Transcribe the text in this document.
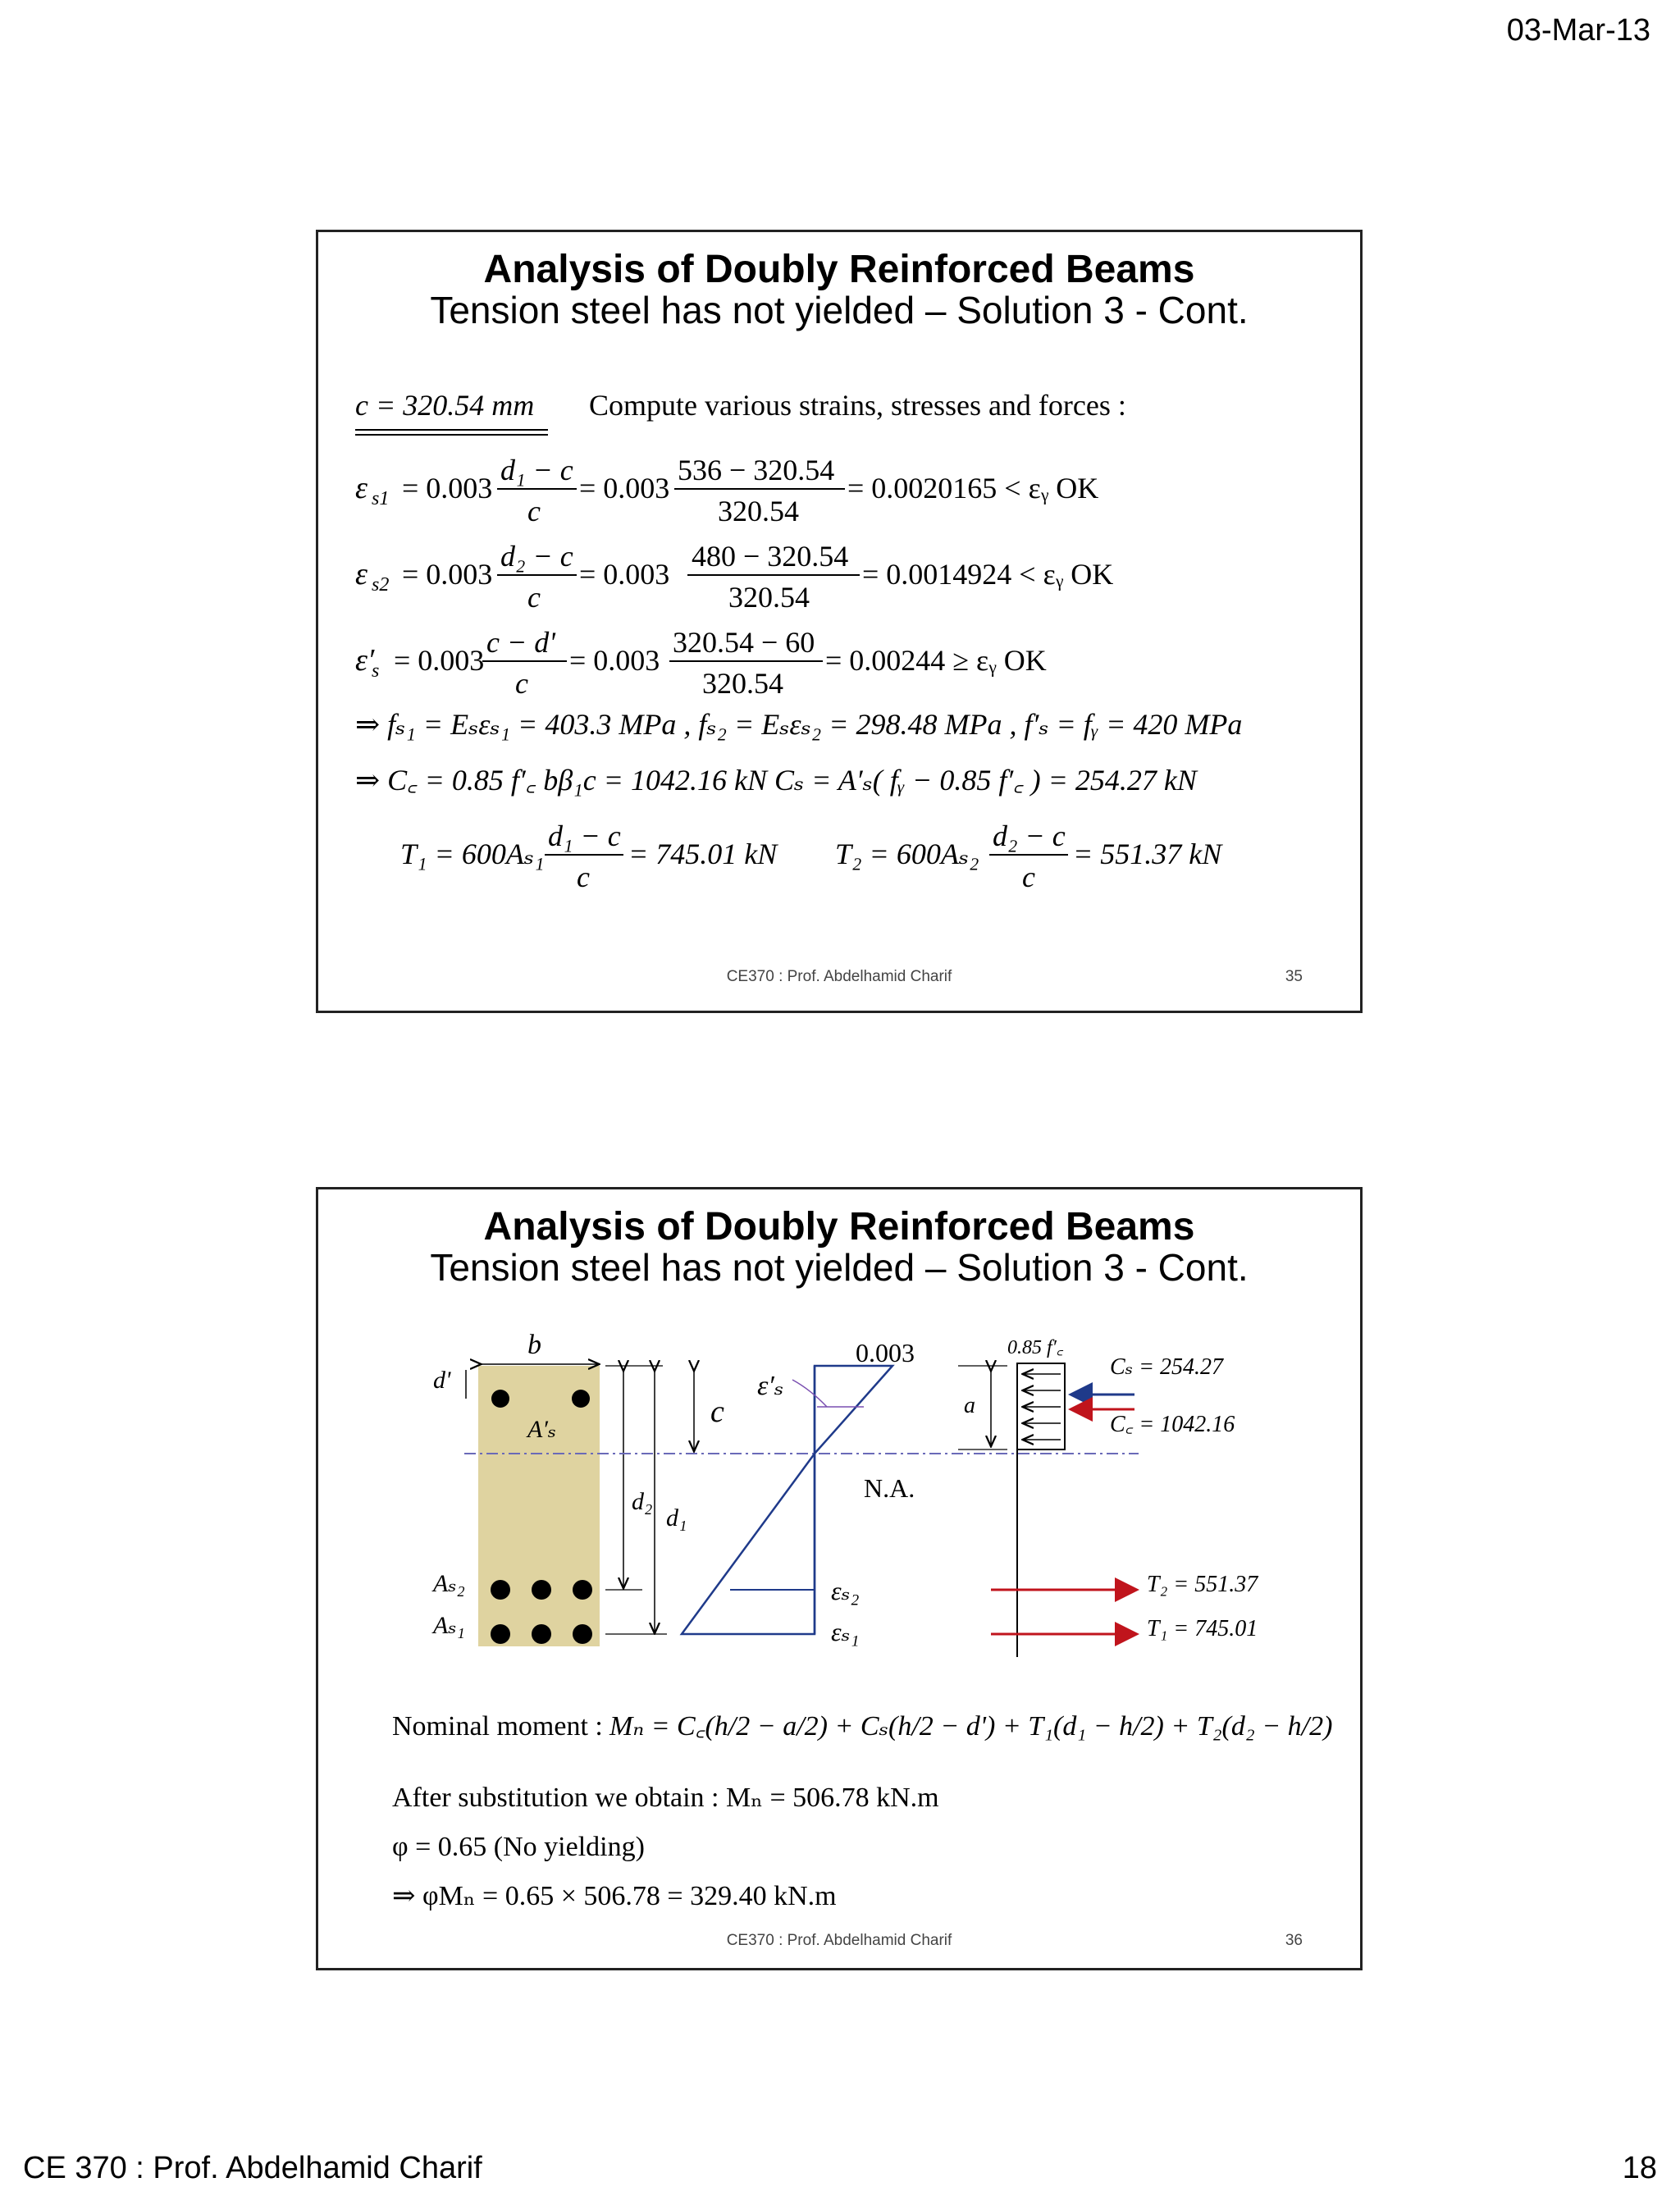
03-Mar-13
Analysis of Doubly Reinforced Beams
Tension steel has not yielded – Solution 3 - Cont.
c = 320.54 mm Compute various strains, stresses and forces :
ε s1 = 0.003
d₁ − c
c
= 0.003
536 − 320.54
320.54
= 0.0020165 < εᵧ OK
ε s2 = 0.003
d₂ − c
c
= 0.003
480 − 320.54
320.54
= 0.0014924 < εᵧ OK
ε′
s = 0.003
c − d'
c
= 0.003
320.54 − 60
320.54
= 0.00244 ≥ εᵧ OK
⇒ fₛ₁ = Eₛεₛ₁ = 403.3 MPa , fₛ₂ = Eₛεₛ₂ = 298.48 MPa , f′ₛ = fᵧ = 420 MPa
⇒ C꜀ = 0.85 f′꜀ bβ₁c = 1042.16 kN Cₛ = A′ₛ( fᵧ − 0.85 f′꜀ ) = 254.27 kN
T₁ = 600Aₛ₁
d₁ − c
c
= 745.01 kN T₂ = 600Aₛ₂
d₂ − c
c
= 551.37 kN
CE370 : Prof. Abdelhamid Charif	35
Analysis of Doubly Reinforced Beams
Tension steel has not yielded – Solution 3 - Cont.
b
d'
A′ₛ
Aₛ₂
Aₛ₁
d₂
d₁
c
N.A.
0.003
ε′ₛ
εₛ₂
εₛ₁
a
0.85 f′꜀
Cₛ = 254.27
C꜀ = 1042.16
T₂ = 551.37
T₁ = 745.01
Nominal moment : Mₙ = C꜀(h/2 − a/2) + Cₛ(h/2 − d') + T₁(d₁ − h/2) + T₂(d₂ − h/2)
After substitution we obtain : Mₙ = 506.78 kN.m
φ = 0.65 (No yielding)
⇒ φMₙ = 0.65 × 506.78 = 329.40 kN.m
CE370 : Prof. Abdelhamid Charif	36
CE 370 : Prof. Abdelhamid Charif	18
